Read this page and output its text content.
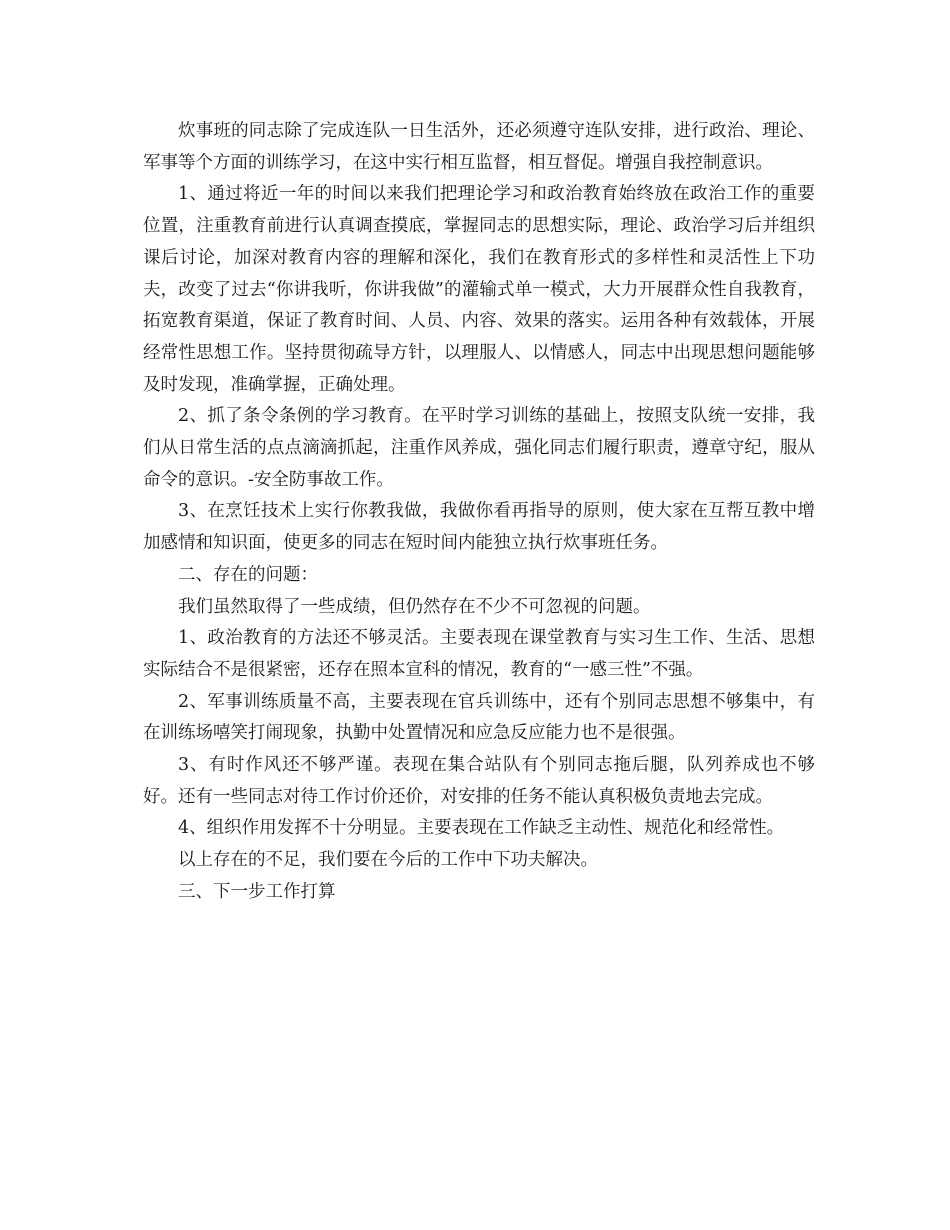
炊事班的同志除了完成连队一日生活外，还必须遵守连队安排，进行政治、理论、军事等个方面的训练学习，在这中实行相互监督，相互督促。增强自我控制意识。

1、通过将近一年的时间以来我们把理论学习和政治教育始终放在政治工作的重要位置，注重教育前进行认真调查摸底，掌握同志的思想实际，理论、政治学习后并组织课后讨论，加深对教育内容的理解和深化，我们在教育形式的多样性和灵活性上下功夫，改变了过去“你讲我听，你讲我做”的灌输式单一模式，大力开展群众性自我教育，拓宽教育渠道，保证了教育时间、人员、内容、效果的落实。运用各种有效载体，开展经常性思想工作。坚持贯彻疏导方针，以理服人、以情感人，同志中出现思想问题能够及时发现，准确掌握，正确处理。

2、抓了条令条例的学习教育。在平时学习训练的基础上，按照支队统一安排，我们从日常生活的点点滴滴抓起，注重作风养成，强化同志们履行职责，遵章守纪，服从命令的意识。-安全防事故工作。

3、在烹饪技术上实行你教我做，我做你看再指导的原则，使大家在互帮互教中增加感情和知识面，使更多的同志在短时间内能独立执行炊事班任务。

二、存在的问题：

我们虽然取得了一些成绩，但仍然存在不少不可忽视的问题。

1、政治教育的方法还不够灵活。主要表现在课堂教育与实习生工作、生活、思想实际结合不是很紧密，还存在照本宣科的情况，教育的“一感三性”不强。

2、军事训练质量不高，主要表现在官兵训练中，还有个别同志思想不够集中，有在训练场嘻笑打闹现象，执勤中处置情况和应急反应能力也不是很强。

3、有时作风还不够严谨。表现在集合站队有个别同志拖后腿，队列养成也不够好。还有一些同志对待工作讨价还价，对安排的任务不能认真积极负责地去完成。

4、组织作用发挥不十分明显。主要表现在工作缺乏主动性、规范化和经常性。

以上存在的不足，我们要在今后的工作中下功夫解决。

三、下一步工作打算
